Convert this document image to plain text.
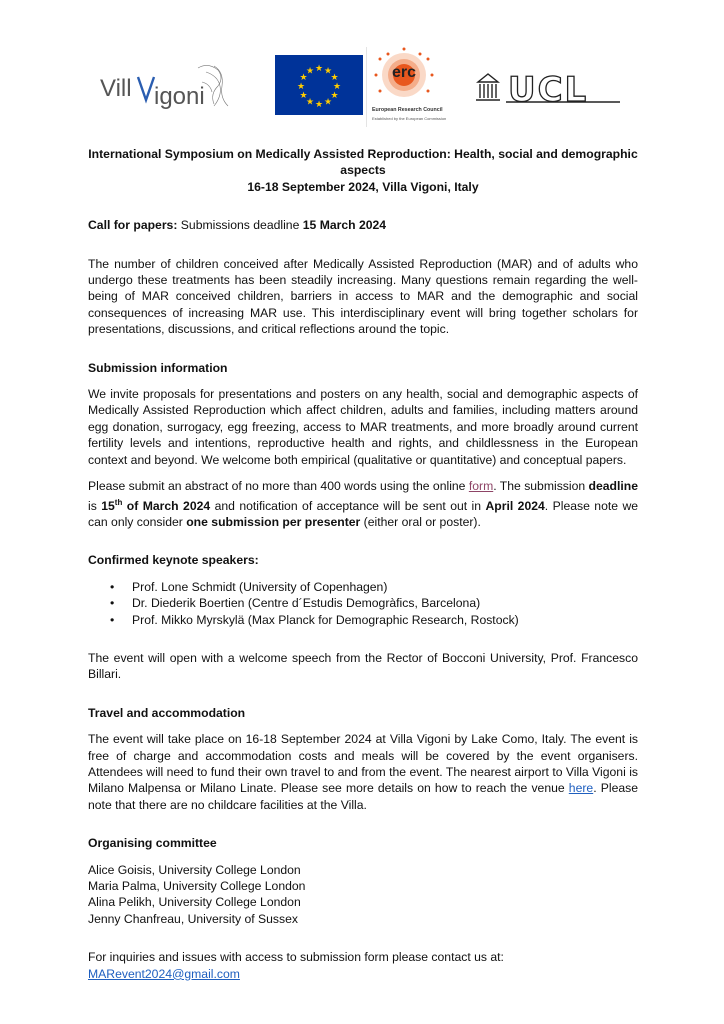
Vill igoni
★ ★
★
★
★
★
★
★
★
★
★
★	erc
European Research Council
Established by the European Commission
UCL

International Symposium on Medically Assisted Reproduction: Health, social and demographic

aspects

16-18 September 2024, Villa Vigoni, Italy

Call for papers: Submissions deadline 15 March 2024

The number of children conceived after Medically Assisted Reproduction (MAR) and of adults who undergo these treatments has been steadily increasing. Many questions remain regarding the well-being of MAR conceived children, barriers in access to MAR and the demographic and social consequences of increasing MAR use. This interdisciplinary event will bring together scholars for presentations, discussions, and critical reflections around the topic.

Submission information

We invite proposals for presentations and posters on any health, social and demographic aspects of Medically Assisted Reproduction which affect children, adults and families, including matters around egg donation, surrogacy, egg freezing, access to MAR treatments, and more broadly around current fertility levels and intentions, reproductive health and rights, and childlessness in the European context and beyond. We welcome both empirical (qualitative or quantitative) and conceptual papers.

Please submit an abstract of no more than 400 words using the online form. The submission deadline is 15th of March 2024 and notification of acceptance will be sent out in April 2024. Please note we can only consider one submission per presenter (either oral or poster).

Confirmed keynote speakers:

• Prof. Lone Schmidt (University of Copenhagen)
• Dr. Diederik Boertien (Centre d´Estudis Demogràfics, Barcelona)
• Prof. Mikko Myrskylä (Max Planck for Demographic Research, Rostock)

The event will open with a welcome speech from the Rector of Bocconi University, Prof. Francesco Billari.

Travel and accommodation

The event will take place on 16-18 September 2024 at Villa Vigoni by Lake Como, Italy. The event is free of charge and accommodation costs and meals will be covered by the event organisers. Attendees will need to fund their own travel to and from the event. The nearest airport to Villa Vigoni is Milano Malpensa or Milano Linate. Please see more details on how to reach the venue here. Please note that there are no childcare facilities at the Villa.

Organising committee

Alice Goisis, University College London

Maria Palma, University College London

Alina Pelikh, University College London

Jenny Chanfreau, University of Sussex

For inquiries and issues with access to submission form please contact us at:

MARevent2024@gmail.com
